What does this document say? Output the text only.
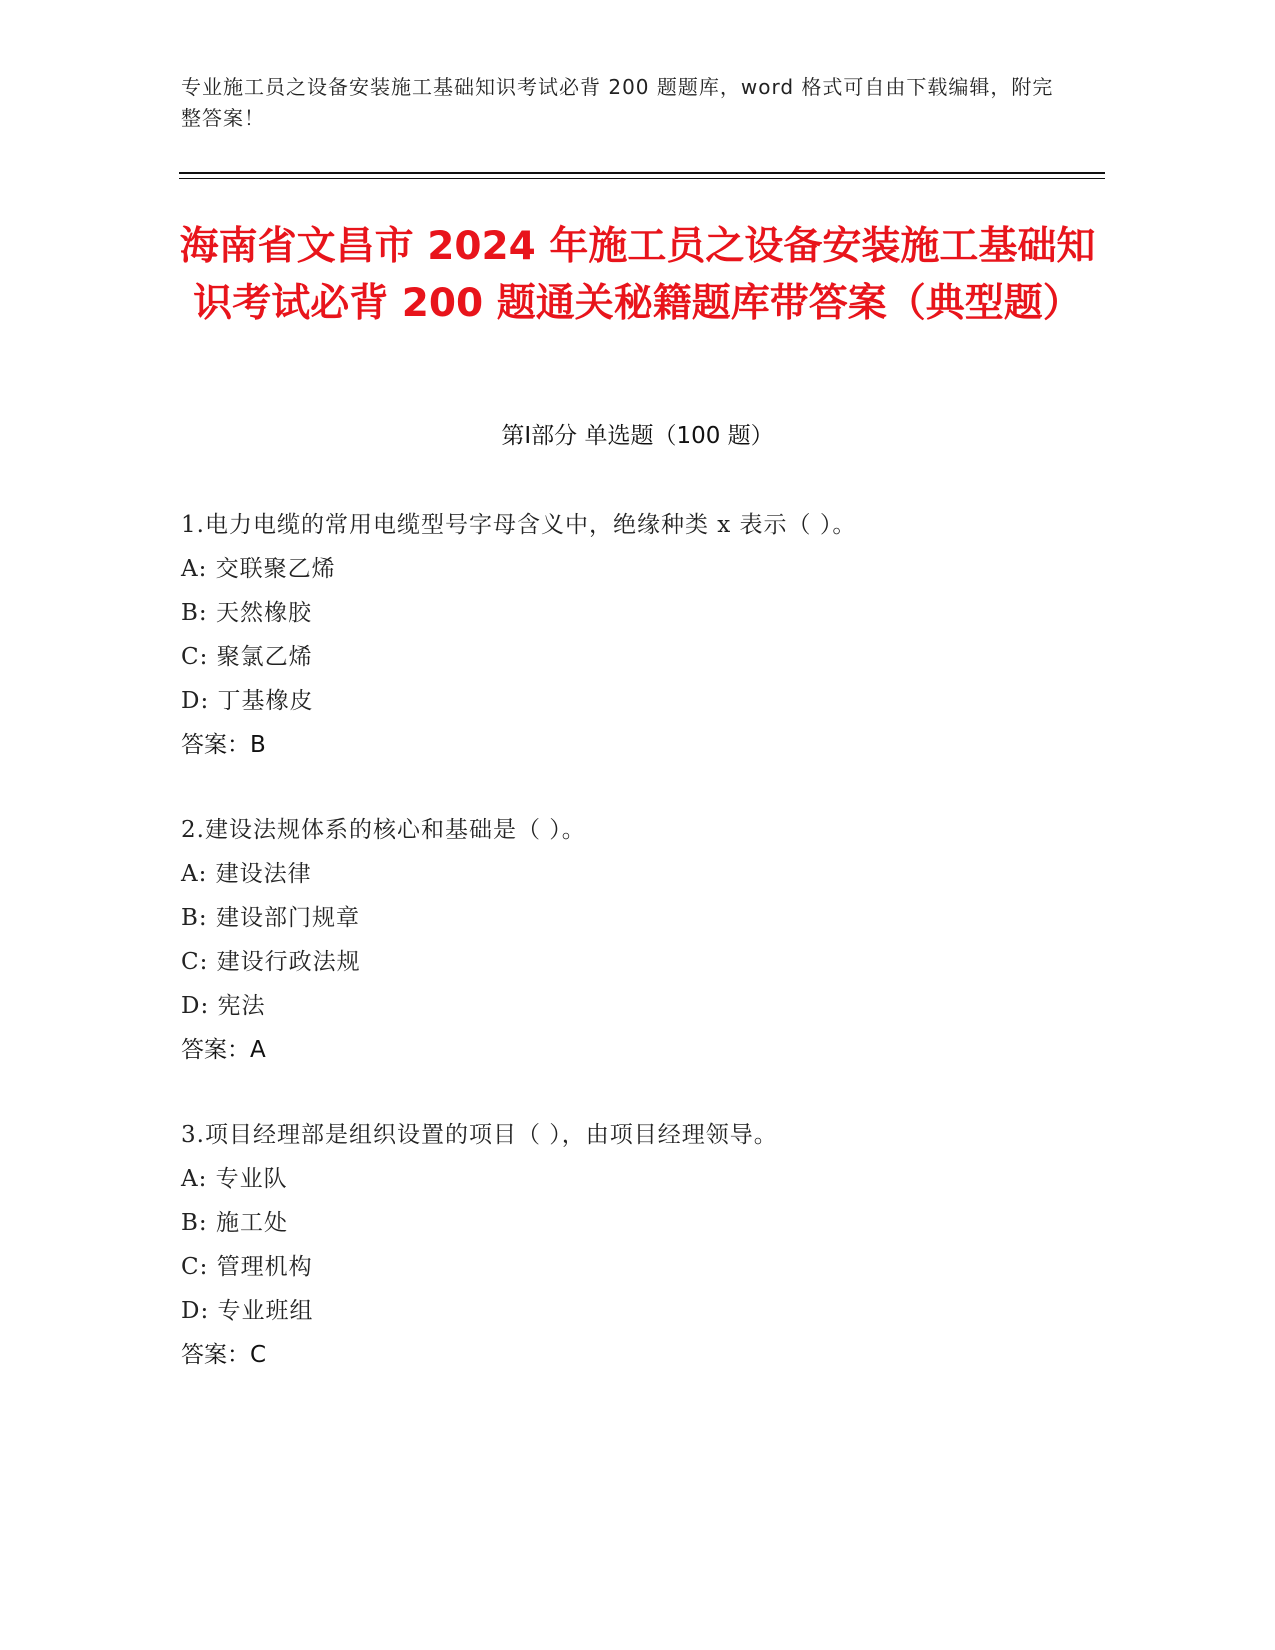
专业施工员之设备安装施工基础知识考试必背 200 题题库，word 格式可自由下载编辑，附完整答案！
海南省文昌市 2024 年施工员之设备安装施工基础知识考试必背 200 题通关秘籍题库带答案（典型题）
第Ⅰ部分 单选题（100 题）
1.电力电缆的常用电缆型号字母含义中，绝缘种类 x 表示（ ）。
A: 交联聚乙烯
B: 天然橡胶
C: 聚氯乙烯
D: 丁基橡皮
答案：B
2.建设法规体系的核心和基础是（ ）。
A: 建设法律
B: 建设部门规章
C: 建设行政法规
D: 宪法
答案：A
3.项目经理部是组织设置的项目（ ），由项目经理领导。
A: 专业队
B: 施工处
C: 管理机构
D: 专业班组
答案：C
